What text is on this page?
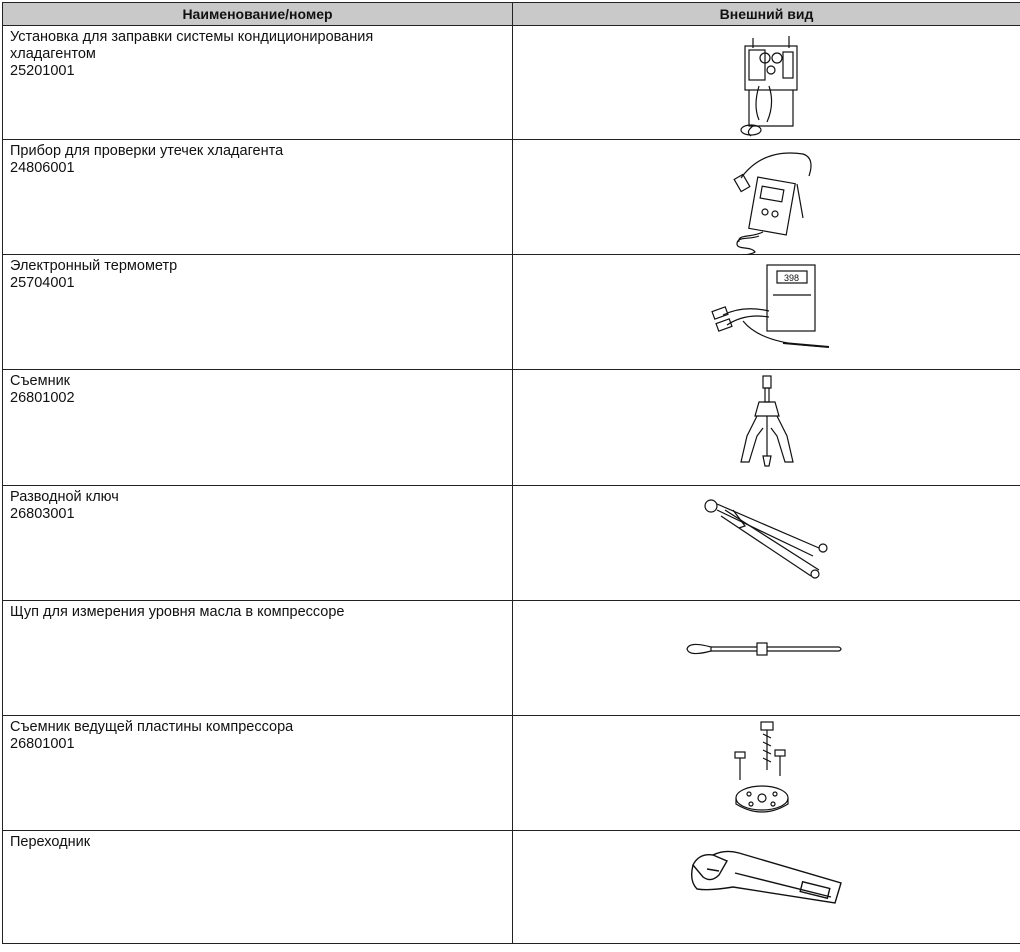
Наименование/номер	Внешний вид

Установка для заправки системы кондиционирования
хладагентом
25201001

Прибор для проверки утечек хладагента
24806001

Электронный термометр
25704001	398

Съемник
26801002

Разводной ключ
26803001

Щуп для измерения уровня масла в компрессоре

Съемник ведущей пластины компрессора
26801001

Переходник
